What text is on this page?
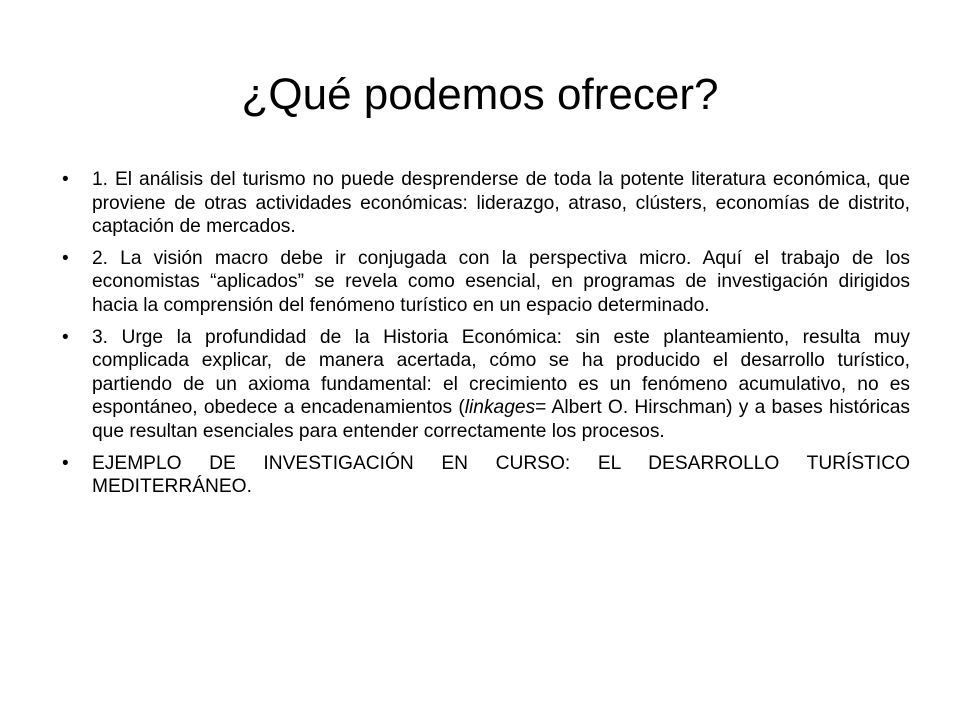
¿Qué podemos ofrecer?
•	1. El análisis del turismo no puede desprenderse de toda la potente literatura económica, que proviene de otras actividades económicas: liderazgo, atraso, clústers, economías de distrito, captación de mercados.
•	2. La visión macro debe ir conjugada con la perspectiva micro. Aquí el trabajo de los economistas “aplicados” se revela como esencial, en programas de investigación dirigidos hacia la comprensión del fenómeno turístico en un espacio determinado.
•	3. Urge la profundidad de la Historia Económica: sin este planteamiento, resulta muy complicada explicar, de manera acertada, cómo se ha producido el desarrollo turístico, partiendo de un axioma fundamental: el crecimiento es un fenómeno acumulativo, no es espontáneo, obedece a encadenamientos (linkages= Albert O. Hirschman) y a bases históricas que resultan esenciales para entender correctamente los procesos.
•	EJEMPLO DE INVESTIGACIÓN EN CURSO: EL DESARROLLO TURÍSTICO MEDITERRÁNEO.
